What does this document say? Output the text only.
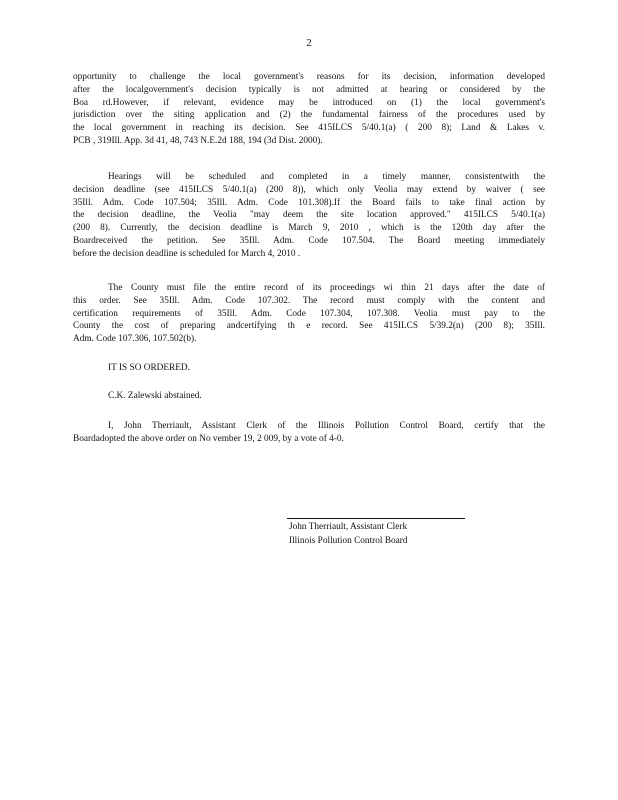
2

opportunity to challenge the local government's reasons for its decision, information developed
after the localgovernment's decision typically is not admitted at hearing or considered by the
Boa rd.However, if relevant, evidence may be introduced on (1) the local government's
jurisdiction over the siting application and (2) the fundamental fairness of the procedures used by
the local government in reaching its decision. See 415ILCS 5/40.1(a) ( 200 8); Land & Lakes v.
PCB , 319Ill. App. 3d 41, 48, 743 N.E.2d 188, 194 (3d Dist. 2000).

Hearings will be scheduled and completed in a timely manner, consistentwith the
decision deadline (see 415ILCS 5/40.1(a) (200 8)), which only Veolia may extend by waiver ( see
35Ill. Adm. Code 107.504; 35Ill. Adm. Code 101.308).If the Board fails to take final action by
the decision deadline, the Veolia "may deem the site location approved." 415ILCS 5/40.1(a)
(200 8). Currently, the decision deadline is March 9, 2010 , which is the 120th day after the
Boardreceived the petition. See 35Ill. Adm. Code 107.504. The Board meeting immediately
before the decision deadline is scheduled for March 4, 2010 .

The County must file the entire record of its proceedings wi thin 21 days after the date of
this order. See 35Ill. Adm. Code 107.302. The record must comply with the content and
certification requirements of 35Ill. Adm. Code 107.304, 107.308. Veolia must pay to the
County the cost of preparing andcertifying th e record. See 415ILCS 5/39.2(n) (200 8); 35Ill.
Adm. Code 107.306, 107.502(b).

IT IS SO ORDERED.

C.K. Zalewski abstained.

I, John Therriault, Assistant Clerk of the Illinois Pollution Control Board, certify that the
Boardadopted the above order on No vember 19, 2 009, by a vote of 4-0.

John Therriault, Assistant Clerk

Illinois Pollution Control Board
